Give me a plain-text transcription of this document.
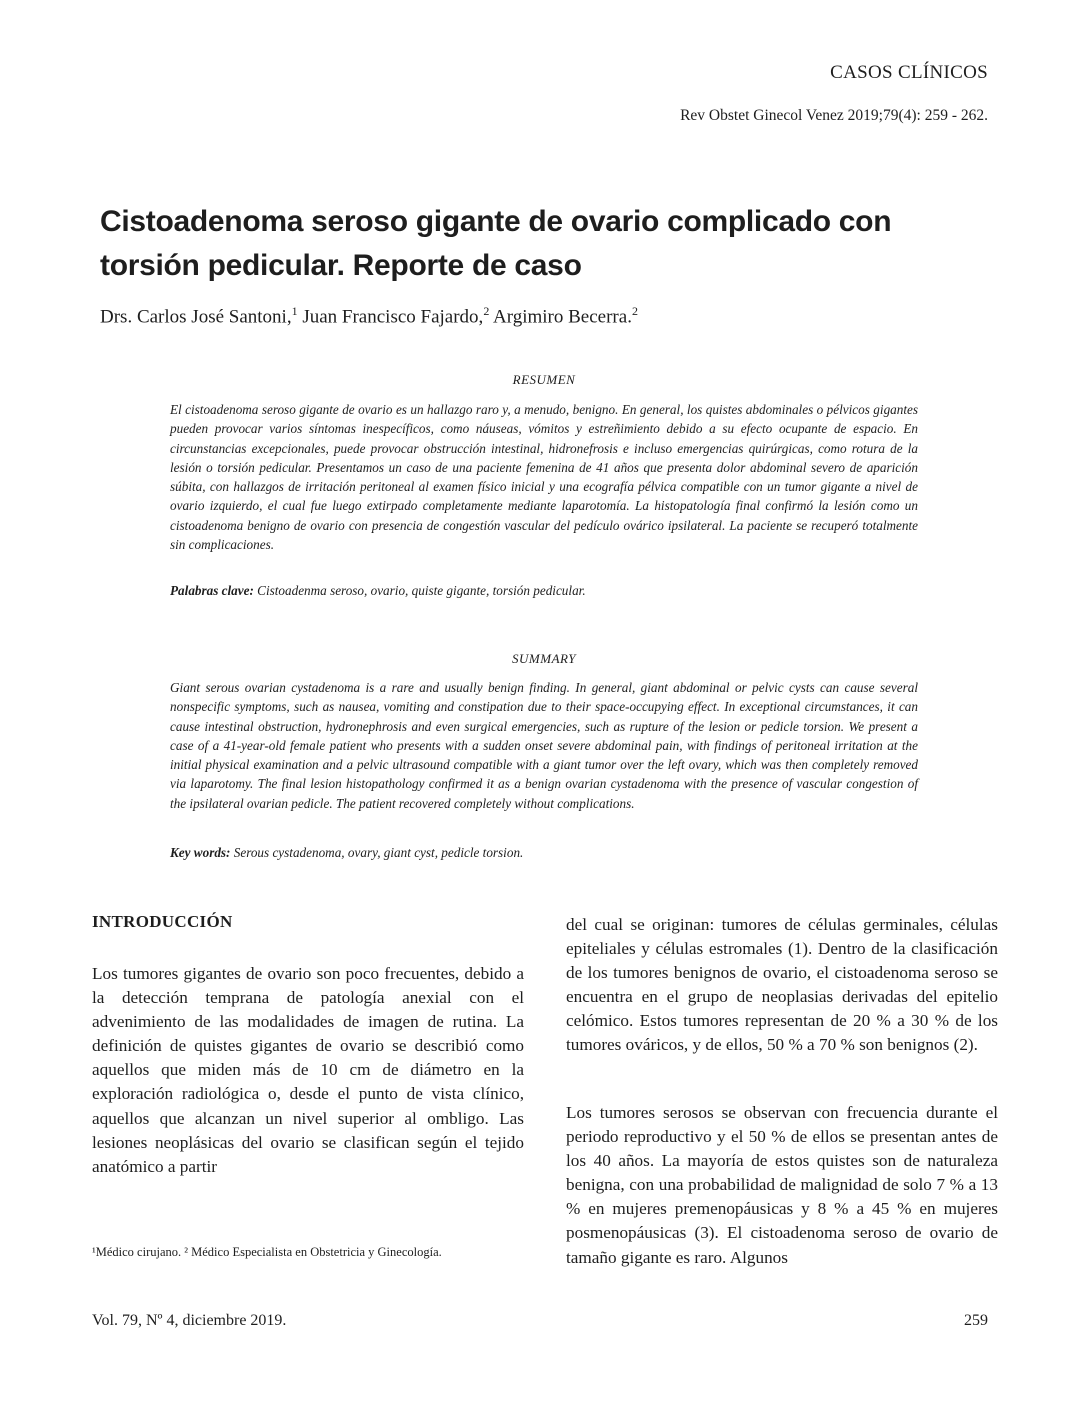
CASOS CLÍNICOS
Rev Obstet Ginecol Venez 2019;79(4): 259 - 262.
Cistoadenoma seroso gigante de ovario complicado con torsión pedicular. Reporte de caso
Drs. Carlos José Santoni,$^1$ Juan Francisco Fajardo,$^2$ Argimiro Becerra.$^2$
RESUMEN

El cistoadenoma seroso gigante de ovario es un hallazgo raro y, a menudo, benigno. En general, los quistes abdominales o pélvicos gigantes pueden provocar varios síntomas inespecíficos, como náuseas, vómitos y estreñimiento debido a su efecto ocupante de espacio. En circunstancias excepcionales, puede provocar obstrucción intestinal, hidronefrosis e incluso emergencias quirúrgicas, como rotura de la lesión o torsión pedicular. Presentamos un caso de una paciente femenina de 41 años que presenta dolor abdominal severo de aparición súbita, con hallazgos de irritación peritoneal al examen físico inicial y una ecografía pélvica compatible con un tumor gigante a nivel de ovario izquierdo, el cual fue luego extirpado completamente mediante laparotomía. La histopatología final confirmó la lesión como un cistoadenoma benigno de ovario con presencia de congestión vascular del pedículo ovárico ipsilateral. La paciente se recuperó totalmente sin complicaciones.

Palabras clave: Cistoadenma seroso, ovario, quiste gigante, torsión pedicular.
SUMMARY

Giant serous ovarian cystadenoma is a rare and usually benign finding. In general, giant abdominal or pelvic cysts can cause several nonspecific symptoms, such as nausea, vomiting and constipation due to their space-occupying effect. In exceptional circumstances, it can cause intestinal obstruction, hydronephrosis and even surgical emergencies, such as rupture of the lesion or pedicle torsion. We present a case of a 41-year-old female patient who presents with a sudden onset severe abdominal pain, with findings of peritoneal irritation at the initial physical examination and a pelvic ultrasound compatible with a giant tumor over the left ovary, which was then completely removed via laparotomy. The final lesion histopathology confirmed it as a benign ovarian cystadenoma with the presence of vascular congestion of the ipsilateral ovarian pedicle. The patient recovered completely without complications.

Key words: Serous cystadenoma, ovary, giant cyst, pedicle torsion.
INTRODUCCIÓN

Los tumores gigantes de ovario son poco frecuentes, debido a la detección temprana de patología anexial con el advenimiento de las modalidades de imagen de rutina. La definición de quistes gigantes de ovario se describió como aquellos que miden más de 10 cm de diámetro en la exploración radiológica o, desde el punto de vista clínico, aquellos que alcanzan un nivel superior al ombligo. Las lesiones neoplásicas del ovario se clasifican según el tejido anatómico a partir

del cual se originan: tumores de células germinales, células epiteliales y células estromales (1). Dentro de la clasificación de los tumores benignos de ovario, el cistoadenoma seroso se encuentra en el grupo de neoplasias derivadas del epitelio celómico. Estos tumores representan de 20 % a 30 % de los tumores ováricos, y de ellos, 50 % a 70 % son benignos (2).

Los tumores serosos se observan con frecuencia durante el periodo reproductivo y el 50 % de ellos se presentan antes de los 40 años. La mayoría de estos quistes son de naturaleza benigna, con una probabilidad de malignidad de solo 7 % a 13 % en mujeres premenopáusicas y 8 % a 45 % en mujeres posmenopáusicas (3). El cistoadenoma seroso de ovario de tamaño gigante es raro. Algunos

¹Médico cirujano. ² Médico Especialista en Obstetricia y Ginecología.
Vol. 79, Nº 4, diciembre 2019.	259
